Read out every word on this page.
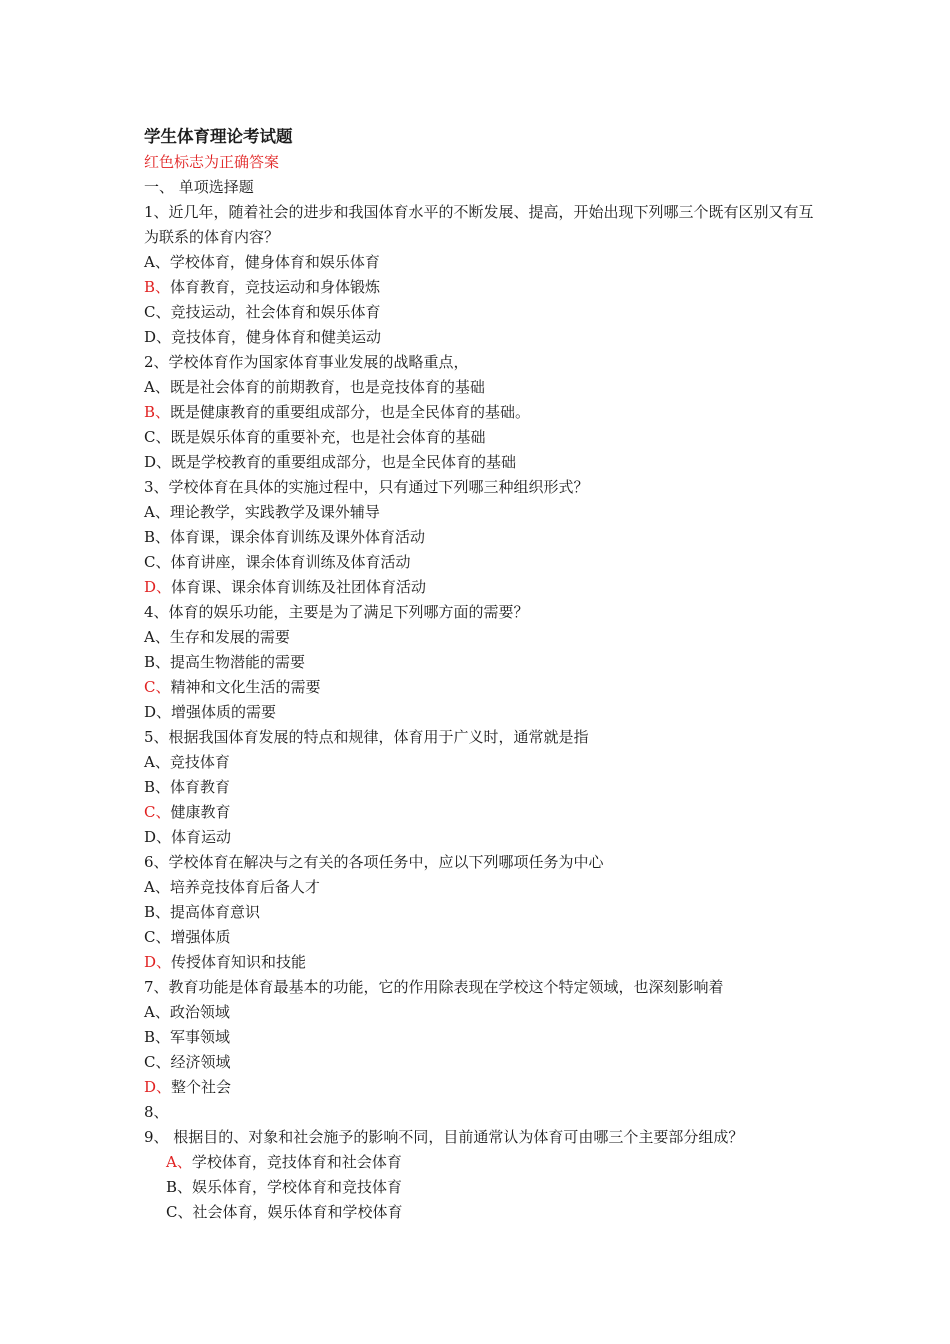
学生体育理论考试题
红色标志为正确答案
一、 单项选择题
1、近几年，随着社会的进步和我国体育水平的不断发展、提高，开始出现下列哪三个既有区别又有互为联系的体育内容？
A、学校体育，健身体育和娱乐体育
B、体育教育，竞技运动和身体锻炼
C、竞技运动，社会体育和娱乐体育
D、竞技体育，健身体育和健美运动
2、学校体育作为国家体育事业发展的战略重点，
A、既是社会体育的前期教育，也是竞技体育的基础
B、既是健康教育的重要组成部分，也是全民体育的基础。
C、既是娱乐体育的重要补充，也是社会体育的基础
D、既是学校教育的重要组成部分，也是全民体育的基础
3、学校体育在具体的实施过程中，只有通过下列哪三种组织形式？
A、理论教学，实践教学及课外辅导
B、体育课，课余体育训练及课外体育活动
C、体育讲座，课余体育训练及体育活动
D、体育课、课余体育训练及社团体育活动
4、体育的娱乐功能，主要是为了满足下列哪方面的需要？
A、生存和发展的需要
B、提高生物潜能的需要
C、精神和文化生活的需要
D、增强体质的需要
5、根据我国体育发展的特点和规律，体育用于广义时，通常就是指
A、竞技体育
B、体育教育
C、健康教育
D、体育运动
6、学校体育在解决与之有关的各项任务中，应以下列哪项任务为中心
A、培养竞技体育后备人才
B、提高体育意识
C、增强体质
D、传授体育知识和技能
7、教育功能是体育最基本的功能，它的作用除表现在学校这个特定领域，也深刻影响着
A、政治领域
B、军事领域
C、经济领域
D、整个社会
8、
9、 根据目的、对象和社会施予的影响不同，目前通常认为体育可由哪三个主要部分组成？
A、学校体育，竞技体育和社会体育
B、娱乐体育，学校体育和竞技体育
C、社会体育，娱乐体育和学校体育
